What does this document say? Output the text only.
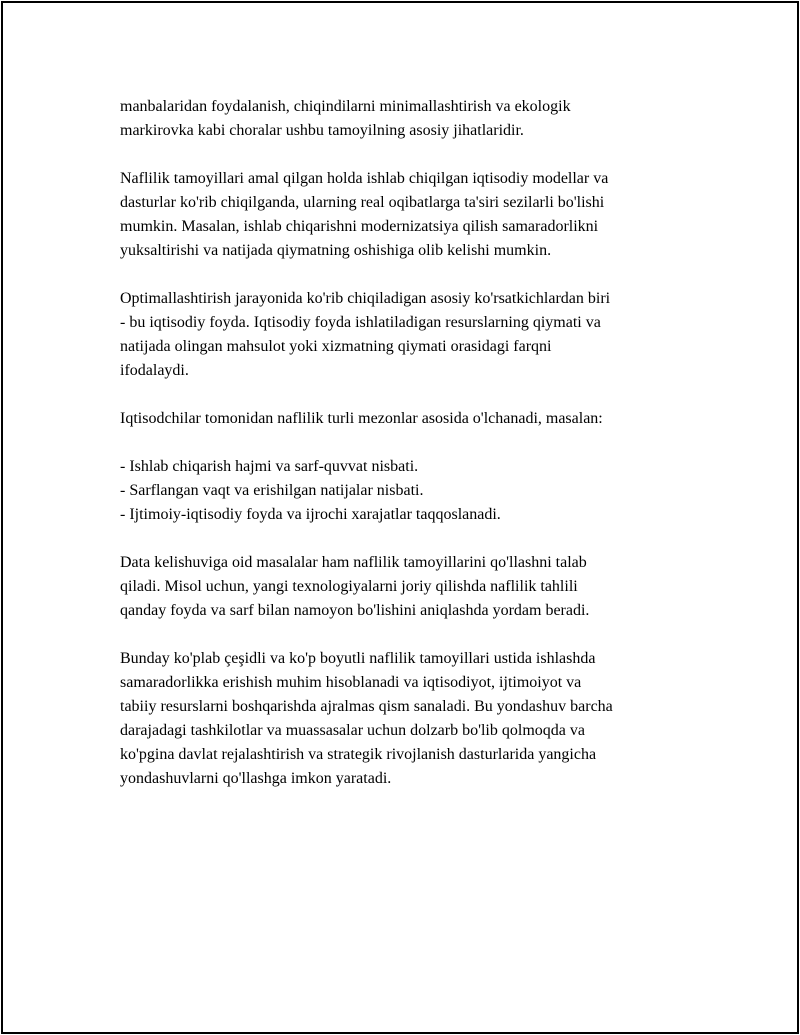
manbalaridan foydalanish, chiqindilarni minimallashtirish va ekologik
markirovka kabi choralar ushbu tamoyilning asosiy jihatlaridir.

Naflilik tamoyillari amal qilgan holda ishlab chiqilgan iqtisodiy modellar va
dasturlar ko'rib chiqilganda, ularning real oqibatlarga ta'siri sezilarli bo'lishi
mumkin. Masalan, ishlab chiqarishni modernizatsiya qilish samaradorlikni
yuksaltirishi va natijada qiymatning oshishiga olib kelishi mumkin.

Optimallashtirish jarayonida ko'rib chiqiladigan asosiy ko'rsatkichlardan biri
- bu iqtisodiy foyda. Iqtisodiy foyda ishlatiladigan resurslarning qiymati va
natijada olingan mahsulot yoki xizmatning qiymati orasidagi farqni
ifodalaydi.

Iqtisodchilar tomonidan naflilik turli mezonlar asosida o'lchanadi, masalan:

- Ishlab chiqarish hajmi va sarf-quvvat nisbati.
- Sarflangan vaqt va erishilgan natijalar nisbati.
- Ijtimoiy-iqtisodiy foyda va ijrochi xarajatlar taqqoslanadi.

Data kelishuviga oid masalalar ham naflilik tamoyillarini qo'llashni talab
qiladi. Misol uchun, yangi texnologiyalarni joriy qilishda naflilik tahlili
qanday foyda va sarf bilan namoyon bo'lishini aniqlashda yordam beradi.

Bunday ko'plab çeşidli va ko'p boyutli naflilik tamoyillari ustida ishlashda
samaradorlikka erishish muhim hisoblanadi va iqtisodiyot, ijtimoiyot va
tabiiy resurslarni boshqarishda ajralmas qism sanaladi. Bu yondashuv barcha
darajadagi tashkilotlar va muassasalar uchun dolzarb bo'lib qolmoqda va
ko'pgina davlat rejalashtirish va strategik rivojlanish dasturlarida yangicha
yondashuvlarni qo'llashga imkon yaratadi.
